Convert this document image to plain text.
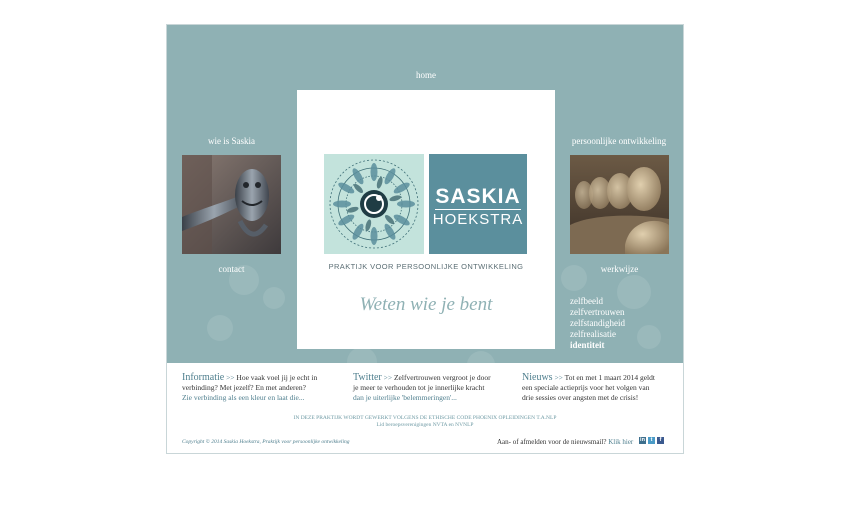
home
wie is Saskia
contact
persoonlijke ontwikkeling
werkwijze
SASKIA
HOEKSTRA
PRAKTIJK VOOR PERSOONLIJKE ONTWIKKELING
Weten wie je bent	zelfbeeld
zelfvertrouwen
zelfstandigheid
zelfrealisatie
identiteit
Informatie >> Hoe vaak voel jij je echt in
verbinding? Met jezelf? En met anderen?
Zie verbinding als een kleur en laat die...
Twitter >> Zelfvertrouwen vergroot je door
je meer te verhouden tot je innerlijke kracht
dan je uiterlijke 'belemmeringen'...
Nieuws >> Tot en met 1 maart 2014 geldt
een speciale actieprijs voor het volgen van
drie sessies over angsten met de crisis!
IN DEZE PRAKTIJK WORDT GEWERKT VOLGENS DE ETHISCHE CODE PHOENIX OPLEIDINGEN T.A.NLP
Lid beroepsverenigingen NVTA en NVNLP
Copyright © 2014 Saskia Hoekstra, Praktijk voor persoonlijke ontwikkeling	Aan- of afmelden voor de nieuwsmail? Klik hier in t f
